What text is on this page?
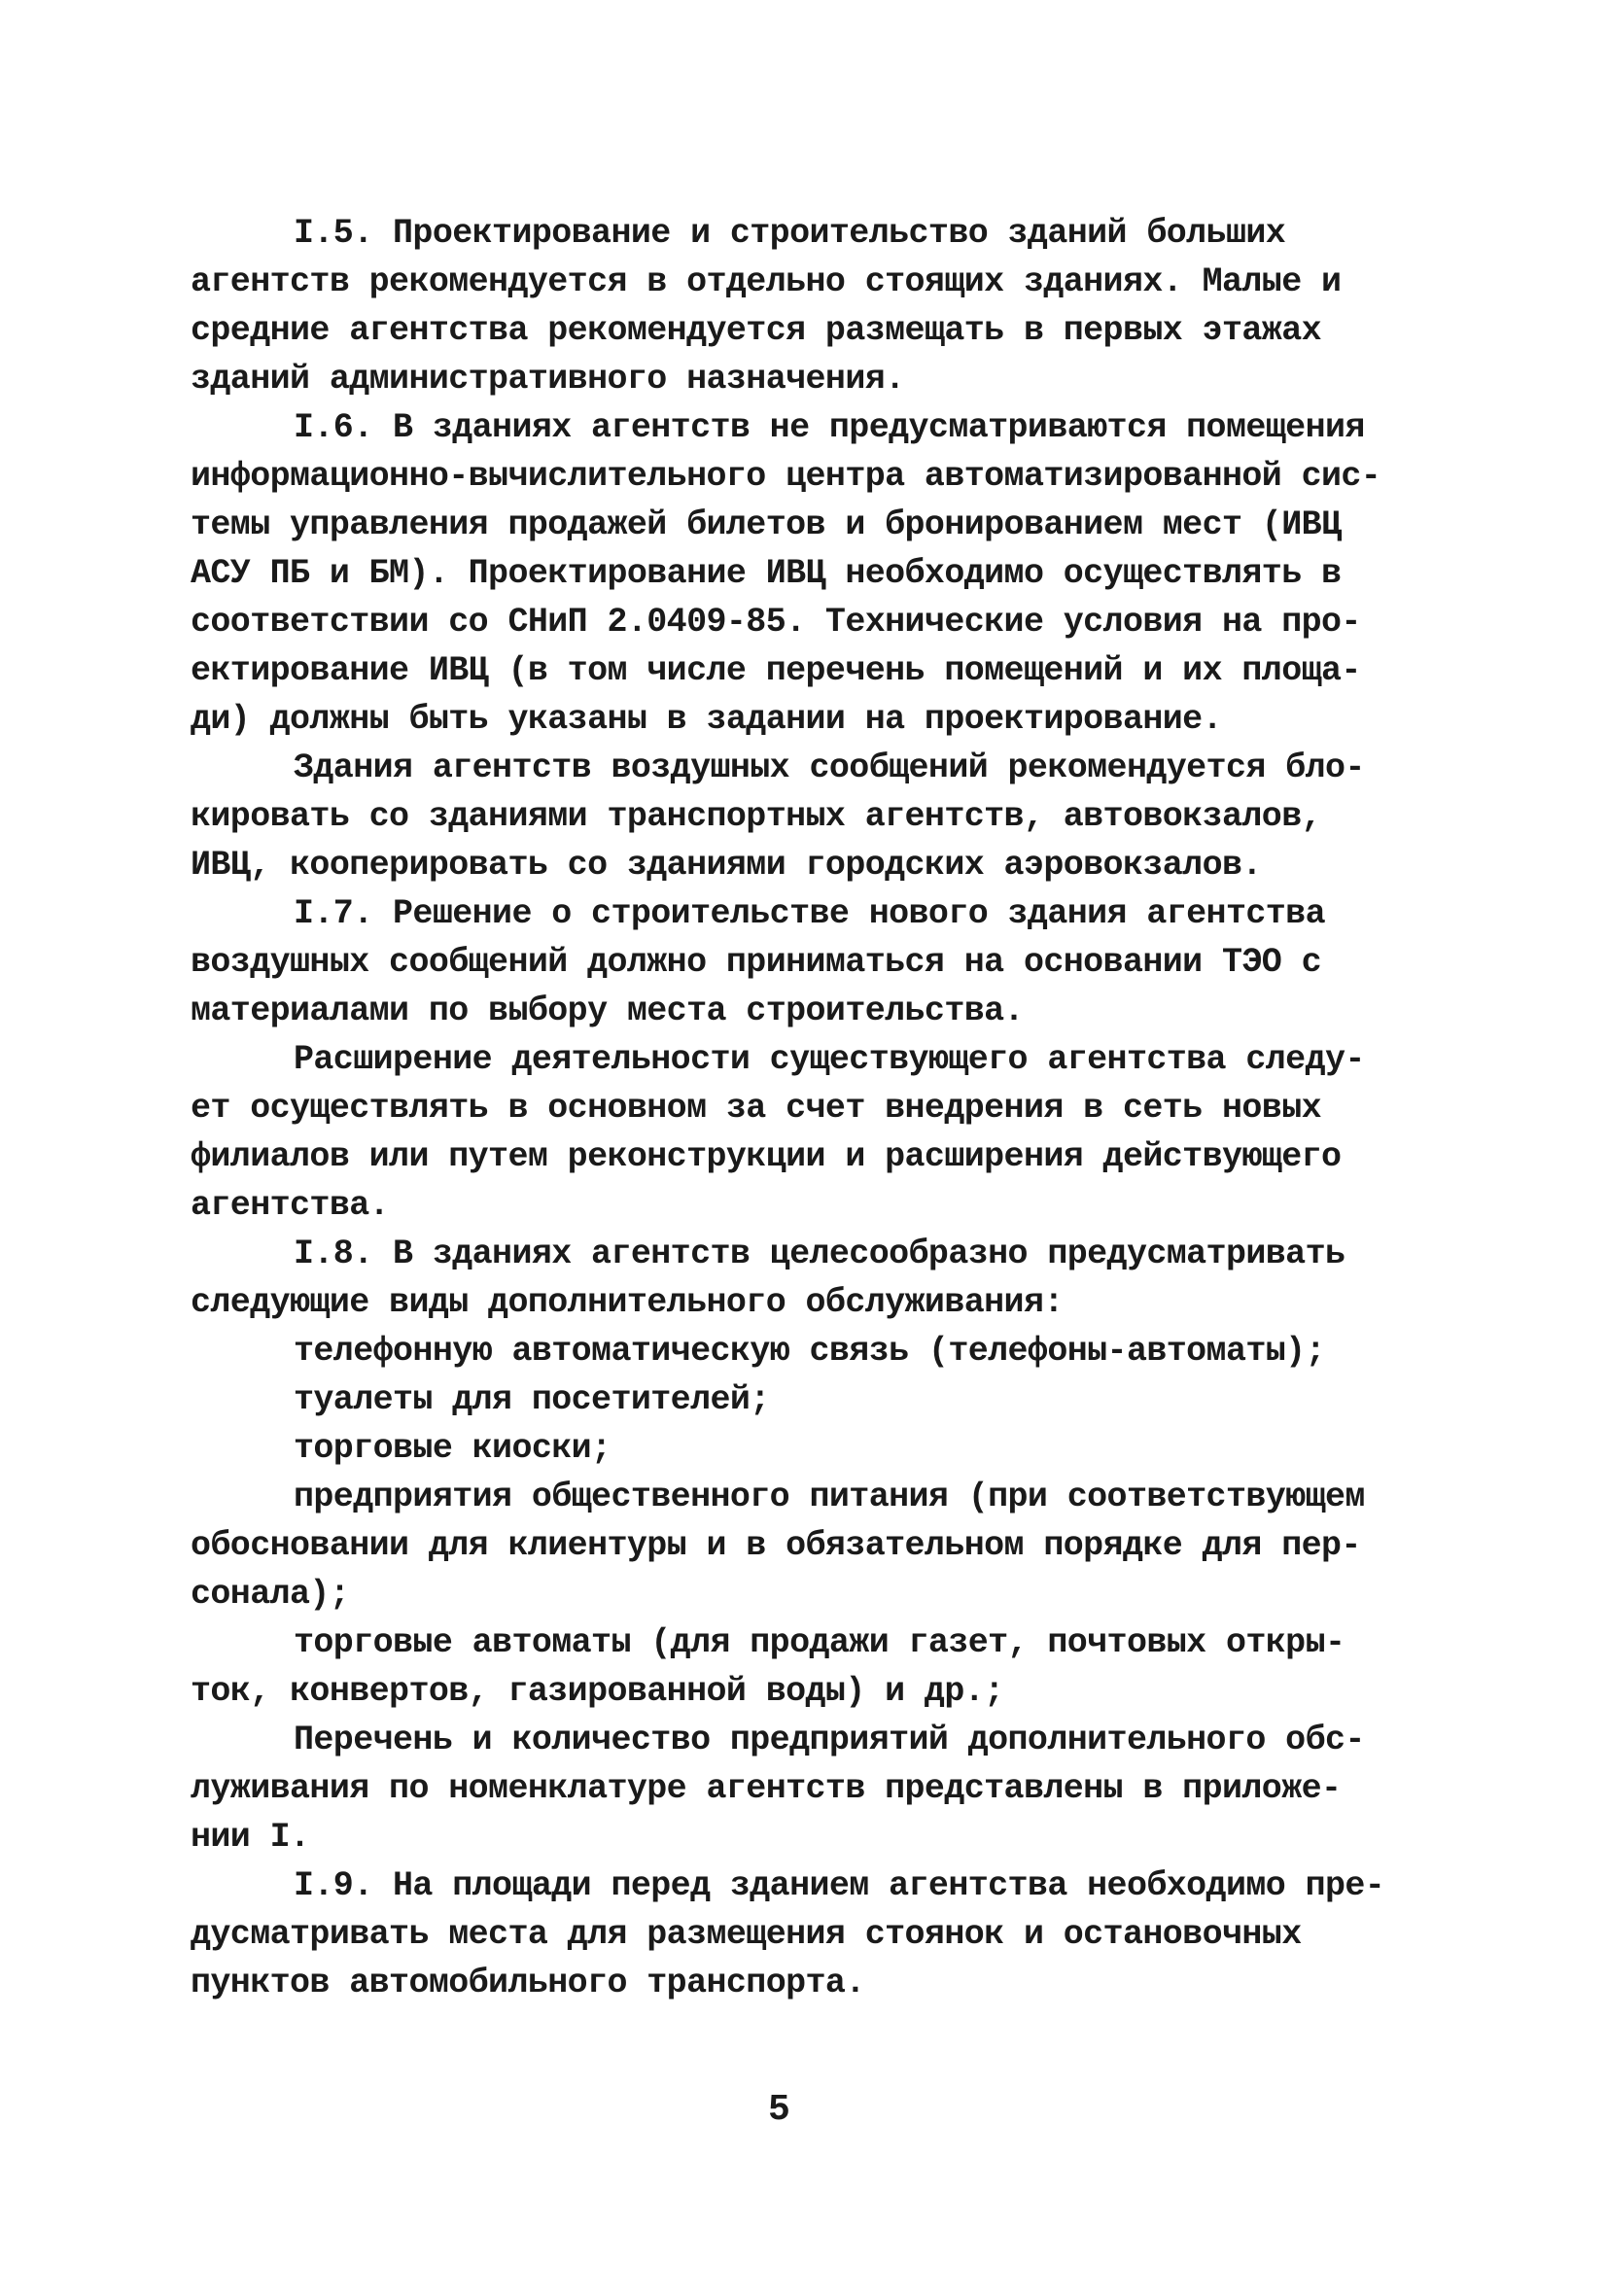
I.5. Проектирование и строительство зданий больших
агентств рекомендуется в отдельно стоящих зданиях. Малые и
средние агентства рекомендуется размещать в первых этажах
зданий административного назначения.
I.6. В зданиях агентств не предусматриваются помещения
информационно-вычислительного центра автоматизированной сис-
темы управления продажей билетов и бронированием мест (ИВЦ
АСУ ПБ и БМ). Проектирование ИВЦ необходимо осуществлять в
соответствии со СНиП 2.0409-85. Технические условия на про-
ектирование ИВЦ (в том числе перечень помещений и их площа-
ди) должны быть указаны в задании на проектирование.
Здания агентств воздушных сообщений рекомендуется бло-
кировать со зданиями транспортных агентств, автовокзалов,
ИВЦ, кооперировать со зданиями городских аэровокзалов.
I.7. Решение о строительстве нового здания агентства
воздушных сообщений должно приниматься на основании ТЭО с
материалами по выбору места строительства.
Расширение деятельности существующего агентства следу-
ет осуществлять в основном за счет внедрения в сеть новых
филиалов или путем реконструкции и расширения действующего
агентства.
I.8. В зданиях агентств целесообразно предусматривать
следующие виды дополнительного обслуживания:
телефонную автоматическую связь (телефоны-автоматы);
туалеты для посетителей;
торговые киоски;
предприятия общественного питания (при соответствующем
обосновании для клиентуры и в обязательном порядке для пер-
сонала);
торговые автоматы (для продажи газет, почтовых откры-
ток, конвертов, газированной воды) и др.;
Перечень и количество предприятий дополнительного обс-
луживания по номенклатуре агентств представлены в приложе-
нии I.
I.9. На площади перед зданием агентства необходимо пре-
дусматривать места для размещения стоянок и остановочных
пунктов автомобильного транспорта.
5
